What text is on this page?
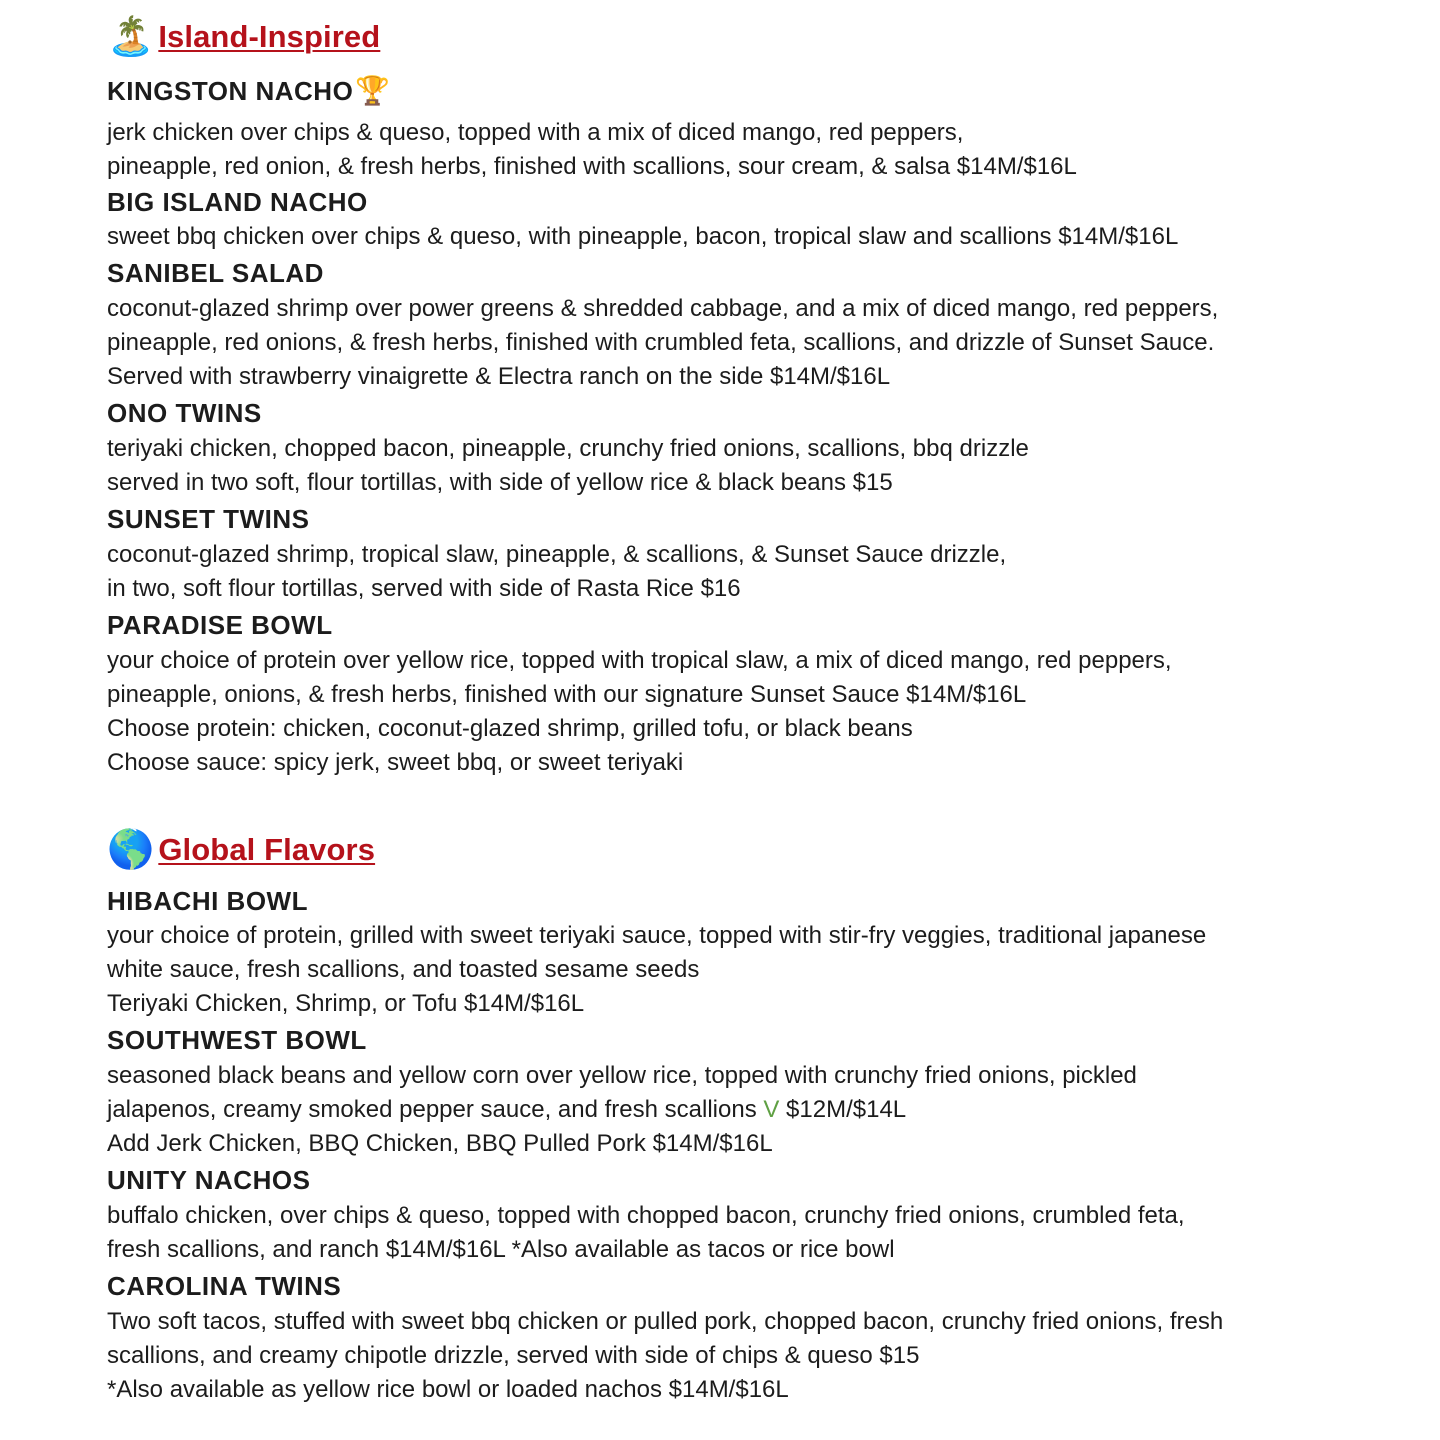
🏝️ Island-Inspired

KINGSTON NACHO🏆

jerk chicken over chips & queso, topped with a mix of diced mango, red peppers,

pineapple, red onion, & fresh herbs, finished with scallions, sour cream, & salsa $14M/$16L

BIG ISLAND NACHO

sweet bbq chicken over chips & queso, with pineapple, bacon, tropical slaw and scallions $14M/$16L

SANIBEL SALAD

coconut-glazed shrimp over power greens & shredded cabbage, and a mix of diced mango, red peppers,

pineapple, red onions, & fresh herbs, finished with crumbled feta, scallions, and drizzle of Sunset Sauce.

Served with strawberry vinaigrette & Electra ranch on the side $14M/$16L

ONO TWINS

teriyaki chicken, chopped bacon, pineapple, crunchy fried onions, scallions, bbq drizzle

served in two soft, flour tortillas, with side of yellow rice & black beans $15

SUNSET TWINS

coconut-glazed shrimp, tropical slaw, pineapple, & scallions, & Sunset Sauce drizzle,

in two, soft flour tortillas, served with side of Rasta Rice $16

PARADISE BOWL

your choice of protein over yellow rice, topped with tropical slaw, a mix of diced mango, red peppers,

pineapple, onions, & fresh herbs, finished with our signature Sunset Sauce $14M/$16L

Choose protein: chicken, coconut-glazed shrimp, grilled tofu, or black beans

Choose sauce: spicy jerk, sweet bbq, or sweet teriyaki

🌎 Global Flavors

HIBACHI BOWL

your choice of protein, grilled with sweet teriyaki sauce, topped with stir-fry veggies, traditional japanese

white sauce, fresh scallions, and toasted sesame seeds

Teriyaki Chicken, Shrimp, or Tofu $14M/$16L

SOUTHWEST BOWL

seasoned black beans and yellow corn over yellow rice, topped with crunchy fried onions, pickled

jalapenos, creamy smoked pepper sauce, and fresh scallions V $12M/$14L

Add Jerk Chicken, BBQ Chicken, BBQ Pulled Pork $14M/$16L

UNITY NACHOS

buffalo chicken, over chips & queso, topped with chopped bacon, crunchy fried onions, crumbled feta,

fresh scallions, and ranch $14M/$16L *Also available as tacos or rice bowl

CAROLINA TWINS

Two soft tacos, stuffed with sweet bbq chicken or pulled pork, chopped bacon, crunchy fried onions, fresh

scallions, and creamy chipotle drizzle, served with side of chips & queso $15

*Also available as yellow rice bowl or loaded nachos $14M/$16L
